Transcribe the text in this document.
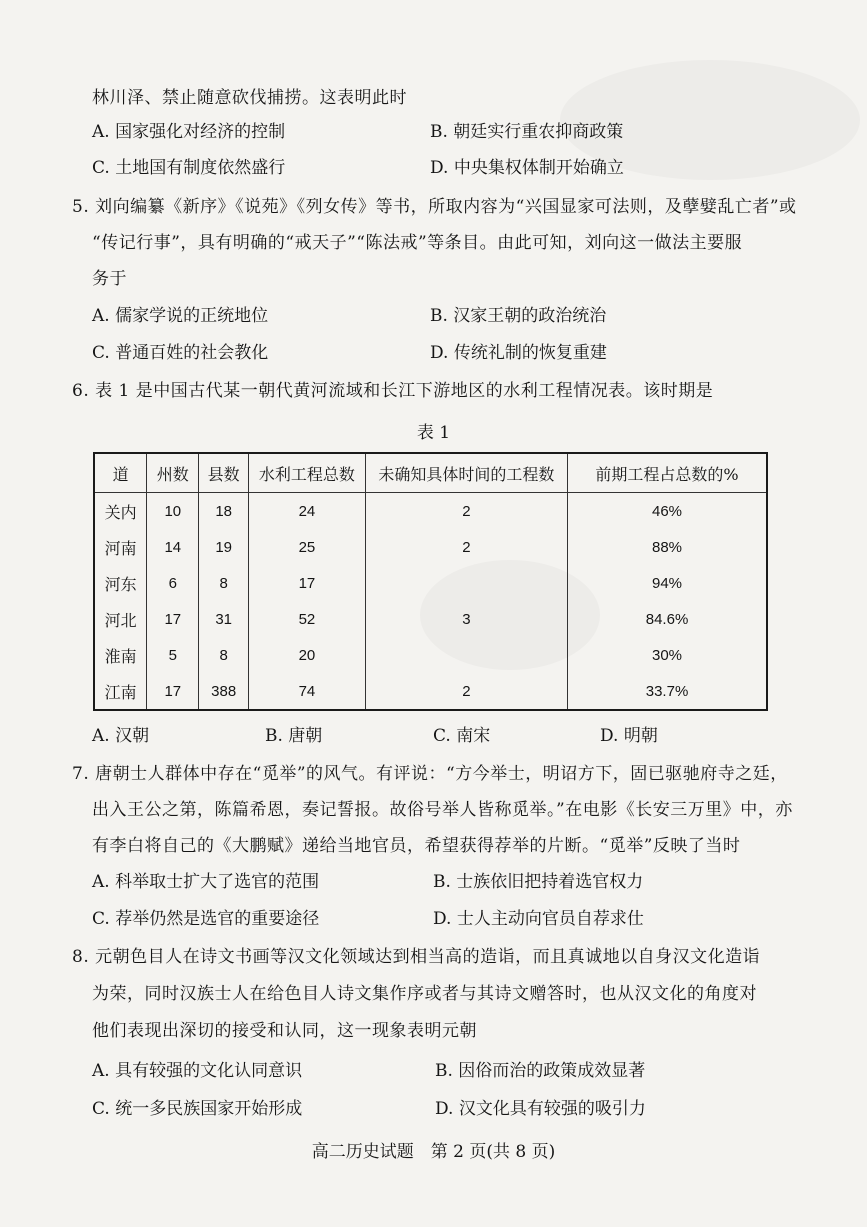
林川泽、禁止随意砍伐捕捞。这表明此时
A. 国家强化对经济的控制	B. 朝廷实行重农抑商政策
C. 土地国有制度依然盛行	D. 中央集权体制开始确立
5. 刘向编纂《新序》《说苑》《列女传》等书，所取内容为“兴国显家可法则，及孽嬖乱亡者”或
“传记行事”，具有明确的“戒天子”“陈法戒”等条目。由此可知，刘向这一做法主要服
务于
A. 儒家学说的正统地位	B. 汉家王朝的政治统治
C. 普通百姓的社会教化	D. 传统礼制的恢复重建
6. 表 1 是中国古代某一朝代黄河流域和长江下游地区的水利工程情况表。该时期是
表 1
道	州数	县数	水利工程总数	未确知具体时间的工程数	前期工程占总数的%
关内	10	18	24	2	46%
河南	14	19	25	2	88%
河东	6	8	17		94%
河北	17	31	52	3	84.6%
淮南	5	8	20		30%
江南	17	388	74	2	33.7%
A. 汉朝	B. 唐朝	C. 南宋	D. 明朝
7. 唐朝士人群体中存在“觅举”的风气。有评说：“方今举士，明诏方下，固已驱驰府寺之廷，
出入王公之第，陈篇希恩，奏记誓报。故俗号举人皆称觅举。”在电影《长安三万里》中，亦
有李白将自己的《大鹏赋》递给当地官员，希望获得荐举的片断。“觅举”反映了当时
A. 科举取士扩大了选官的范围	B. 士族依旧把持着选官权力
C. 荐举仍然是选官的重要途径	D. 士人主动向官员自荐求仕
8. 元朝色目人在诗文书画等汉文化领域达到相当高的造诣，而且真诚地以自身汉文化造诣
为荣，同时汉族士人在给色目人诗文集作序或者与其诗文赠答时，也从汉文化的角度对
他们表现出深切的接受和认同，这一现象表明元朝
A. 具有较强的文化认同意识	B. 因俗而治的政策成效显著
C. 统一多民族国家开始形成	D. 汉文化具有较强的吸引力
高二历史试题　第 2 页(共 8 页)
